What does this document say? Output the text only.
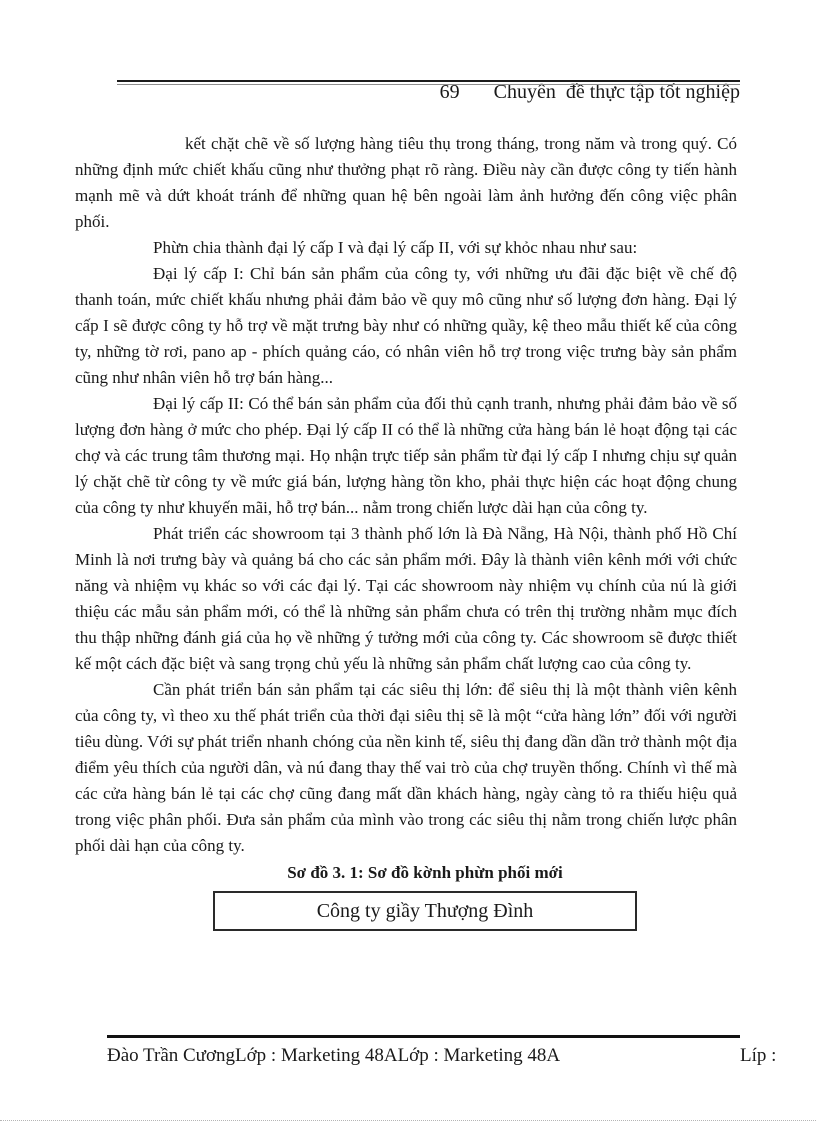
69 Chuyên  đề thực tập tốt nghiệp

kết chặt chẽ về số lượng hàng tiêu thụ trong tháng, trong năm và trong quý. Có những định mức chiết khấu cũng như thưởng phạt rõ ràng. Điều này cần được công ty tiến hành mạnh mẽ và dứt khoát tránh để những quan hệ bên ngoài làm ảnh hưởng đến công việc phân phối.

Phừn chia thành đại lý cấp I và đại lý cấp II, với sự khỏc nhau như sau:

Đại lý cấp I: Chỉ bán sản phẩm của công ty, với những ưu đãi đặc biệt về chế độ thanh toán, mức chiết khấu nhưng phải đảm bảo về quy mô cũng như số lượng đơn hàng. Đại lý cấp I sẽ được công ty hỗ trợ về mặt trưng bày như có những quầy, kệ theo mẫu thiết kế của công ty, những tờ rơi, pano ap - phích quảng cáo, có nhân viên hỗ trợ trong việc trưng bày sản phẩm cũng như nhân viên hỗ trợ bán hàng...

Đại lý cấp II: Có thể bán sản phẩm của đối thủ cạnh tranh, nhưng phải đảm bảo về số lượng đơn hàng ở mức cho phép. Đại lý cấp II có thể là những cửa hàng bán lẻ hoạt động tại các chợ và các trung tâm thương mại. Họ nhận trực tiếp sản phẩm từ đại lý cấp I nhưng chịu sự quản lý chặt chẽ từ công ty về mức giá bán, lượng hàng tồn kho, phải thực hiện các hoạt động chung của công ty như khuyến mãi, hỗ trợ bán... nằm trong chiến lược dài hạn của công ty.

Phát triển các showroom tại 3 thành phố lớn là Đà Nẵng, Hà Nội, thành phố Hồ Chí Minh là nơi trưng bày và quảng bá cho các sản phẩm mới. Đây là thành viên kênh mới với chức năng và nhiệm vụ khác so với các đại lý. Tại các showroom này nhiệm vụ chính của nú là giới thiệu các mẫu sản phẩm mới, có thể là những sản phẩm chưa có trên thị trường nhằm mục đích thu thập những đánh giá của họ về những ý tưởng mới của công ty. Các showroom sẽ được thiết kế một cách đặc biệt và sang trọng chủ yếu là những sản phẩm chất lượng cao của công ty.

Cần phát triển bán sản phẩm tại các siêu thị lớn: để siêu thị là một thành viên kênh của công ty, vì theo xu thế phát triển của thời đại siêu thị sẽ là một “cửa hàng lớn” đối với người tiêu dùng. Với sự phát triển nhanh chóng của nền kinh tế, siêu thị đang dần dần trở thành một địa điểm yêu thích của người dân, và nú đang thay thế vai trò của chợ truyền thống. Chính vì thế mà các cửa hàng bán lẻ tại các chợ cũng đang mất dần khách hàng, ngày càng tỏ ra thiếu hiệu quả trong việc phân phối. Đưa sản phẩm của mình vào trong các siêu thị nằm trong chiến lược phân phối dài hạn của công ty.

Sơ đồ 3. 1: Sơ đồ kờnh phừn phối mới
Công ty giầy Thượng Đình
Đào Trần CươngLớp : Marketing 48ALớp : Marketing 48A	Líp :
